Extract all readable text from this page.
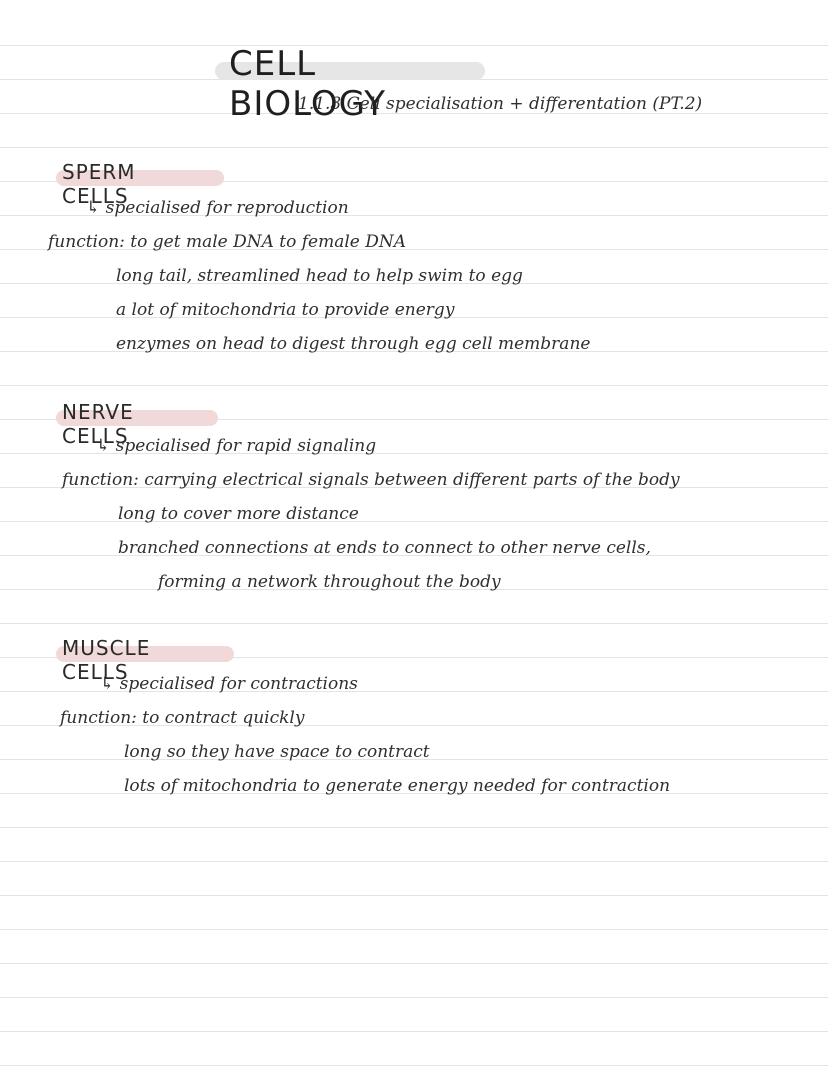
CELL BIOLOGY
1.1.3 Cell specialisation + differentation (PT.2)
SPERM CELLS
↳ specialised for reproduction
function: to get male DNA to female DNA
long tail, streamlined head to help swim to egg
a lot of mitochondria to provide energy
enzymes on head to digest through egg cell membrane
NERVE CELLS
↳ specialised for rapid signaling
function: carrying electrical signals between different parts of the body
long to cover more distance
branched connections at ends to connect to other nerve cells,
forming a network throughout the body
MUSCLE CELLS
↳ specialised for contractions
function: to contract quickly
long so they have space to contract
lots of mitochondria to generate energy needed for contraction
